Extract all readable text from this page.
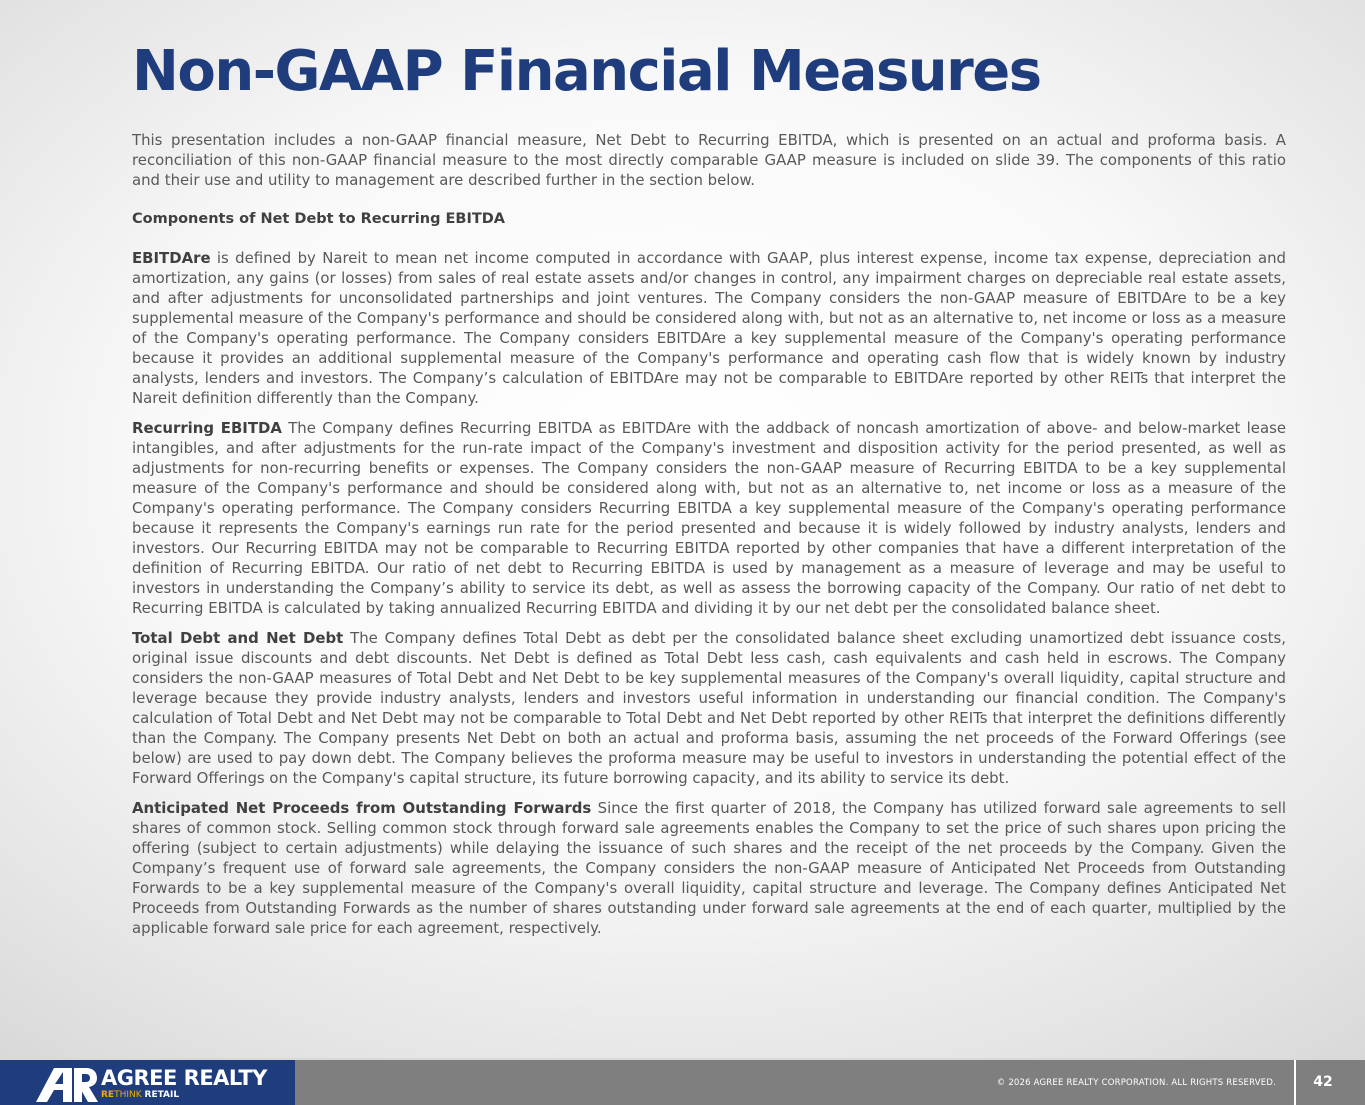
Non-GAAP Financial Measures

This presentation includes a non-GAAP financial measure, Net Debt to Recurring EBITDA, which is presented on an actual and proforma basis. A reconciliation of this non-GAAP financial measure to the most directly comparable GAAP measure is included on slide 39. The components of this ratio and their use and utility to management are described further in the section below.

Components of Net Debt to Recurring EBITDA

EBITDAre is defined by Nareit to mean net income computed in accordance with GAAP, plus interest expense, income tax expense, depreciation and amortization, any gains (or losses) from sales of real estate assets and/or changes in control, any impairment charges on depreciable real estate assets, and after adjustments for unconsolidated partnerships and joint ventures. The Company considers the non-GAAP measure of EBITDAre to be a key supplemental measure of the Company's performance and should be considered along with, but not as an alternative to, net income or loss as a measure of the Company's operating performance. The Company considers EBITDAre a key supplemental measure of the Company's operating performance because it provides an additional supplemental measure of the Company's performance and operating cash flow that is widely known by industry analysts, lenders and investors. The Company’s calculation of EBITDAre may not be comparable to EBITDAre reported by other REITs that interpret the Nareit definition differently than the Company.

Recurring EBITDA The Company defines Recurring EBITDA as EBITDAre with the addback of noncash amortization of above- and below-market lease intangibles, and after adjustments for the run-rate impact of the Company's investment and disposition activity for the period presented, as well as adjustments for non-recurring benefits or expenses. The Company considers the non-GAAP measure of Recurring EBITDA to be a key supplemental measure of the Company's performance and should be considered along with, but not as an alternative to, net income or loss as a measure of the Company's operating performance. The Company considers Recurring EBITDA a key supplemental measure of the Company's operating performance because it represents the Company's earnings run rate for the period presented and because it is widely followed by industry analysts, lenders and investors. Our Recurring EBITDA may not be comparable to Recurring EBITDA reported by other companies that have a different interpretation of the definition of Recurring EBITDA. Our ratio of net debt to Recurring EBITDA is used by management as a measure of leverage and may be useful to investors in understanding the Company’s ability to service its debt, as well as assess the borrowing capacity of the Company. Our ratio of net debt to Recurring EBITDA is calculated by taking annualized Recurring EBITDA and dividing it by our net debt per the consolidated balance sheet.

Total Debt and Net Debt The Company defines Total Debt as debt per the consolidated balance sheet excluding unamortized debt issuance costs, original issue discounts and debt discounts. Net Debt is defined as Total Debt less cash, cash equivalents and cash held in escrows. The Company considers the non-GAAP measures of Total Debt and Net Debt to be key supplemental measures of the Company's overall liquidity, capital structure and leverage because they provide industry analysts, lenders and investors useful information in understanding our financial condition. The Company's calculation of Total Debt and Net Debt may not be comparable to Total Debt and Net Debt reported by other REITs that interpret the definitions differently than the Company. The Company presents Net Debt on both an actual and proforma basis, assuming the net proceeds of the Forward Offerings (see below) are used to pay down debt. The Company believes the proforma measure may be useful to investors in understanding the potential effect of the Forward Offerings on the Company's capital structure, its future borrowing capacity, and its ability to service its debt.

Anticipated Net Proceeds from Outstanding Forwards Since the first quarter of 2018, the Company has utilized forward sale agreements to sell shares of common stock. Selling common stock through forward sale agreements enables the Company to set the price of such shares upon pricing the offering (subject to certain adjustments) while delaying the issuance of such shares and the receipt of the net proceeds by the Company. Given the Company’s frequent use of forward sale agreements, the Company considers the non-GAAP measure of Anticipated Net Proceeds from Outstanding Forwards to be a key supplemental measure of the Company's overall liquidity, capital structure and leverage. The Company defines Anticipated Net Proceeds from Outstanding Forwards as the number of shares outstanding under forward sale agreements at the end of each quarter, multiplied by the applicable forward sale price for each agreement, respectively.

AGREE REALTY
RETHINK RETAIL
© 2026 AGREE REALTY CORPORATION. ALL RIGHTS RESERVED.	42
